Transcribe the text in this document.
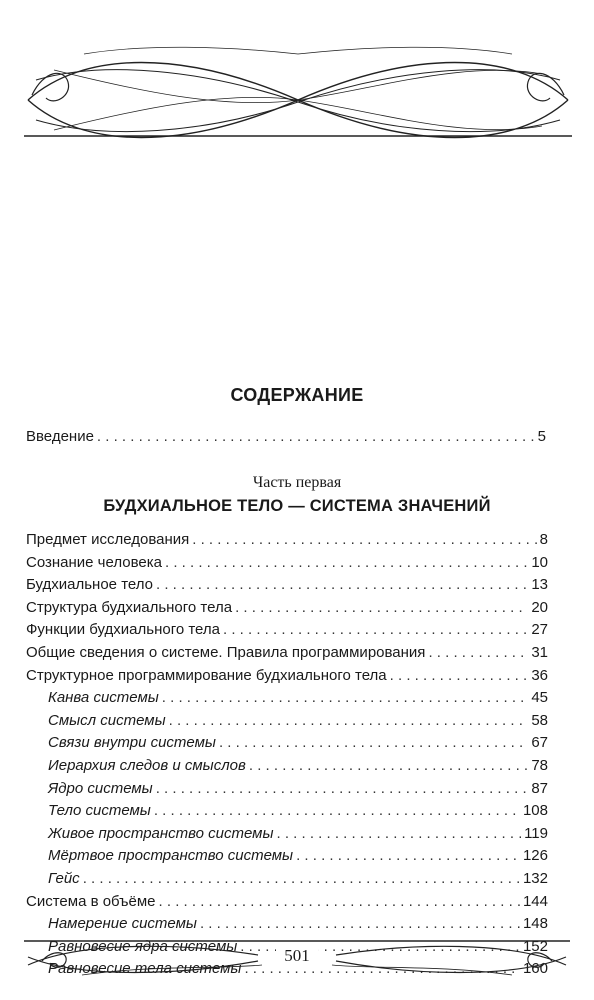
СОДЕРЖАНИЕ
Введение . . .	5
Часть первая
БУДХИАЛЬНОЕ ТЕЛО — СИСТЕМА ЗНАЧЕНИЙ
Предмет исследования . . .	8
Сознание человека . . .	10
Будхиальное тело . . .	13
Структура будхиального тела . . .	20
Функции будхиального тела . . .	27
Общие сведения о системе. Правила программирования . . .	31
Структурное программирование будхиального тела . . .	36
Канва системы . . .	45
Смысл системы . . .	58
Связи внутри системы . . .	67
Иерархия следов и смыслов . . .	78
Ядро системы . . .	87
Тело системы . . .	108
Живое пространство системы . . .	119
Мёртвое пространство системы . . .	126
Гейс . . .	132
Система в объёме . . .	144
Намерение системы . . .	148
Равновесие ядра системы . . .	152
Равновесие тела системы . . .	160
501
